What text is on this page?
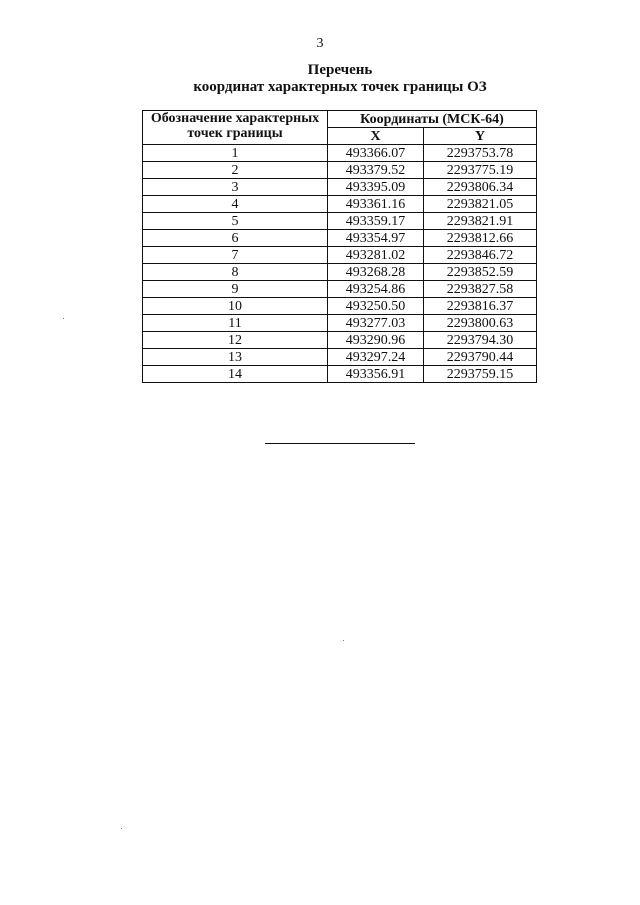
3
Перечень
координат характерных точек границы ОЗ
Обозначение характерных
точек границы	Координаты (МСК-64)	
	X	Y
1	493366.07	2293753.78
2	493379.52	2293775.19
3	493395.09	2293806.34
4	493361.16	2293821.05
5	493359.17	2293821.91
6	493354.97	2293812.66
7	493281.02	2293846.72
8	493268.28	2293852.59
9	493254.86	2293827.58
10	493250.50	2293816.37
11	493277.03	2293800.63
12	493290.96	2293794.30
13	493297.24	2293790.44
14	493356.91	2293759.15
